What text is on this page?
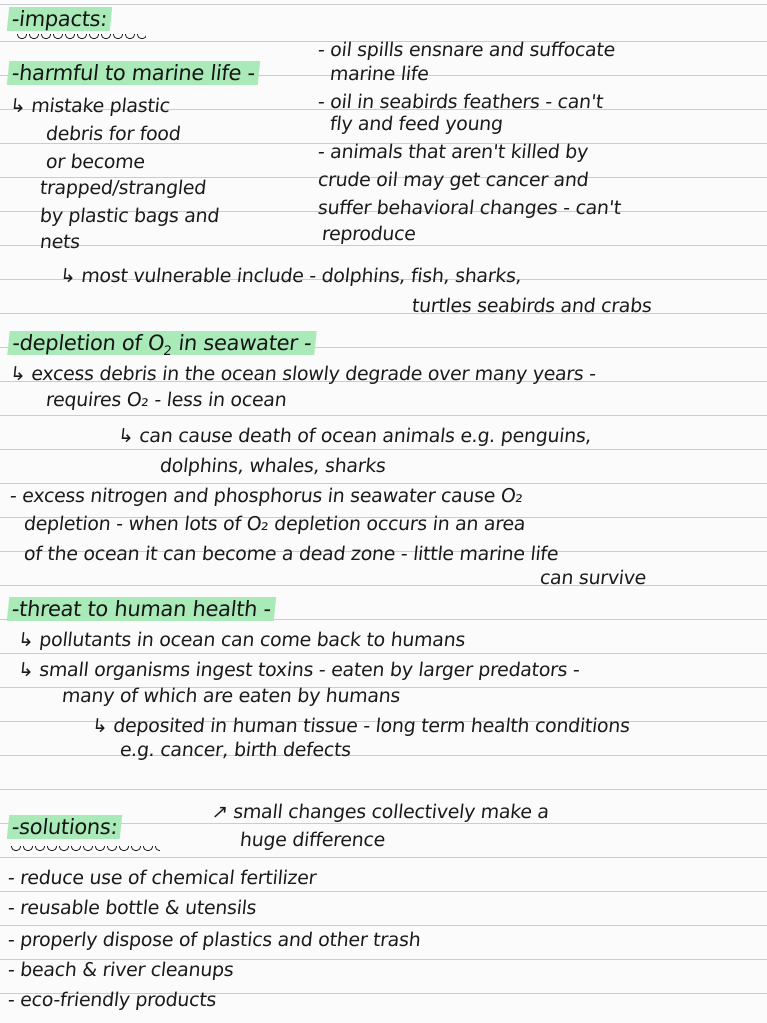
-impacts:
-harmful to marine life -
- oil spills ensnare and suffocate
marine life
- oil in seabirds feathers - can't
fly and feed young
- animals that aren't killed by
crude oil may get cancer and
suffer behavioral changes - can't
reproduce
↳ mistake plastic
debris for food
or become
trapped/strangled
by plastic bags and
nets
↳ most vulnerable include - dolphins, fish, sharks,
turtles seabirds and crabs
-depletion of $O_2$ in seawater -
↳ excess debris in the ocean slowly degrade over many years -
requires O₂ - less in ocean
↳ can cause death of ocean animals e.g. penguins,
dolphins, whales, sharks
- excess nitrogen and phosphorus in seawater cause O₂
depletion - when lots of O₂ depletion occurs in an area
of the ocean it can become a dead zone - little marine life
can survive
-threat to human health -
↳ pollutants in ocean can come back to humans
↳ small organisms ingest toxins - eaten by larger predators -
many of which are eaten by humans
↳ deposited in human tissue - long term health conditions
e.g. cancer, birth defects
-solutions:
↗ small changes collectively make a
huge difference
- reduce use of chemical fertilizer
- reusable bottle & utensils
- properly dispose of plastics and other trash
- beach & river cleanups
- eco-friendly products
